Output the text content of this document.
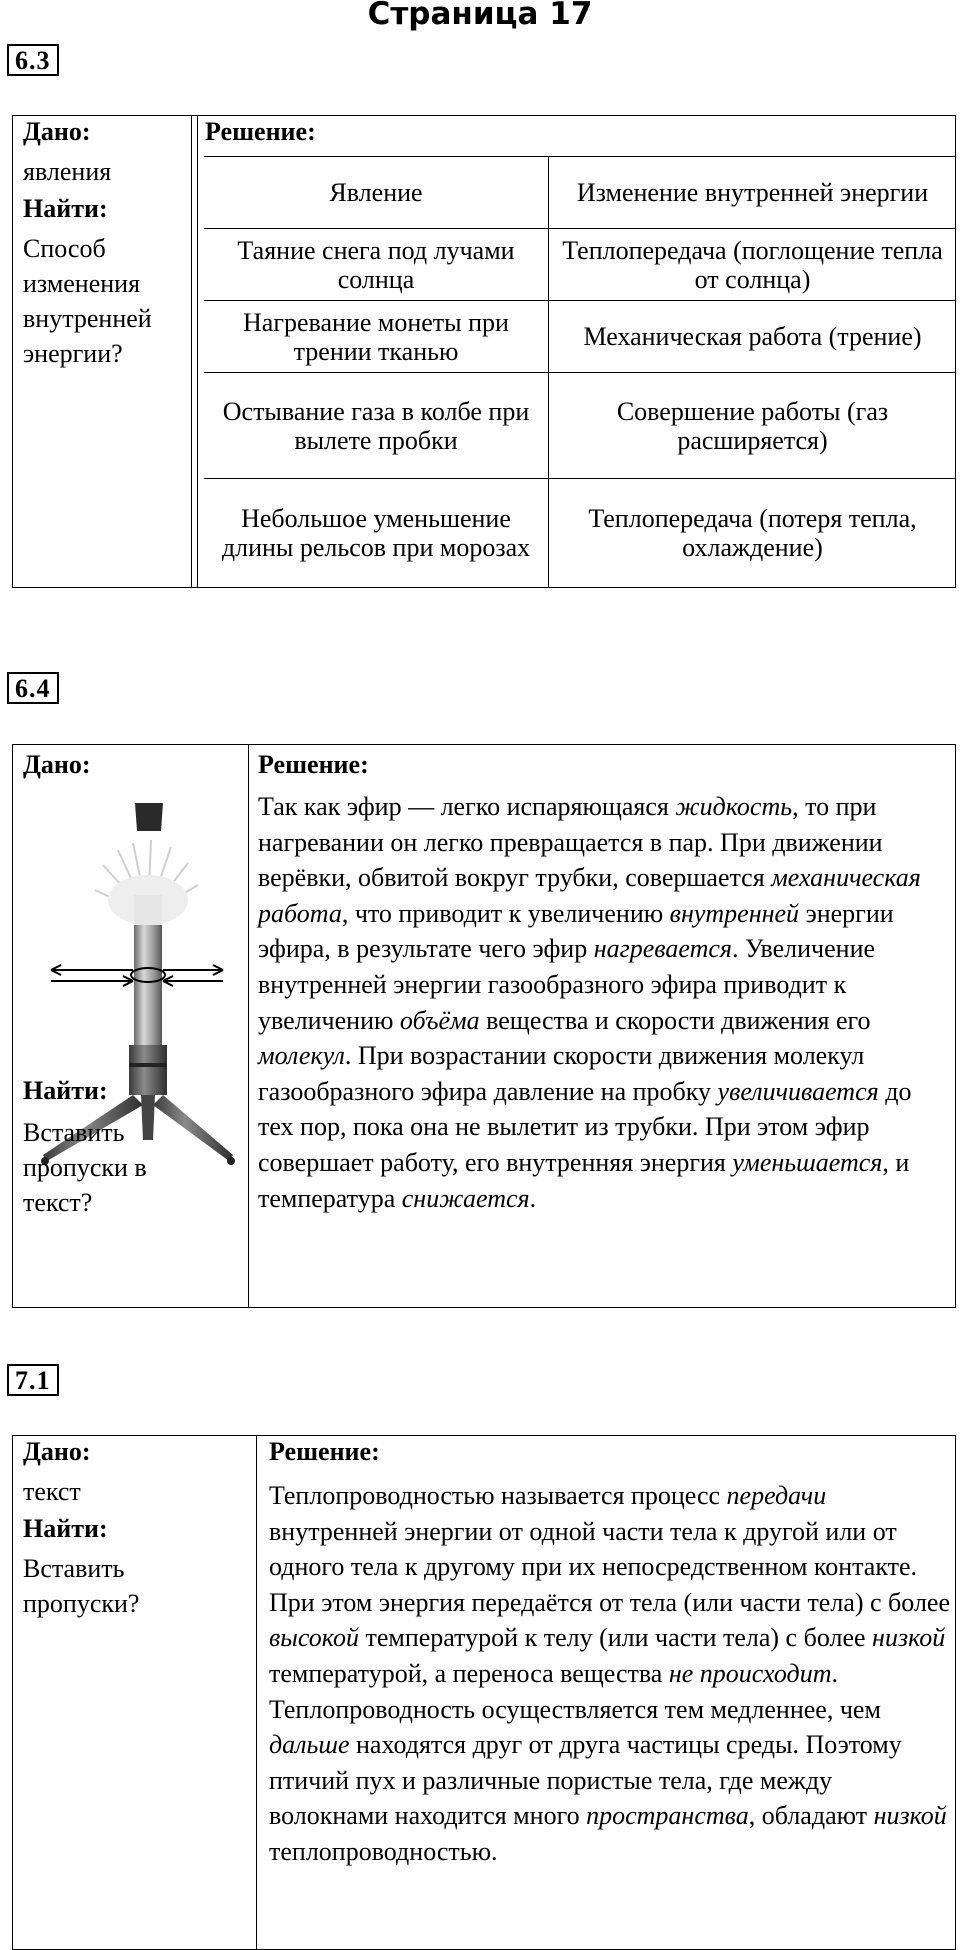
Страница 17
6.3

Дано:

явления

Найти:

Способ изменения внутренней энергии?

Решение:
Явление	Изменение внутренней энергии
Таяние снега под лучами солнца	Теплопередача (поглощение тепла от солнца)
Нагревание монеты при трении тканью	Механическая работа (трение)
Остывание газа в колбе при вылете пробки	Совершение работы (газ расширяется)
Небольшое уменьшение длины рельсов при морозах	Теплопередача (потеря тепла, охлаждение)
6.4
Дано:

Найти:

Вставить пропуски в текст?

Решение:
Так как эфир — легко испаряющаяся жидкость, то при нагревании он легко превращается в пар. При движении верёвки, обвитой вокруг трубки, совершается механическая работа, что приводит к увеличению внутренней энергии эфира, в результате чего эфир нагревается. Увеличение внутренней энергии газообразного эфира приводит к увеличению объёма вещества и скорости движения его молекул. При возрастании скорости движения молекул газообразного эфира давление на пробку увеличивается до тех пор, пока она не вылетит из трубки. При этом эфир совершает работу, его внутренняя энергия уменьшается, и температура снижается.
7.1

Дано:

текст

Найти:

Вставить пропуски?

Решение:
Теплопроводностью называется процесс передачи внутренней энергии от одной части тела к другой или от одного тела к другому при их непосредственном контакте. При этом энергия передаётся от тела (или части тела) с более высокой температурой к телу (или части тела) с более низкой температурой, а переноса вещества не происходит. Теплопроводность осуществляется тем медленнее, чем дальше находятся друг от друга частицы среды. Поэтому птичий пух и различные пористые тела, где между волокнами находится много пространства, обладают низкой теплопроводностью.
